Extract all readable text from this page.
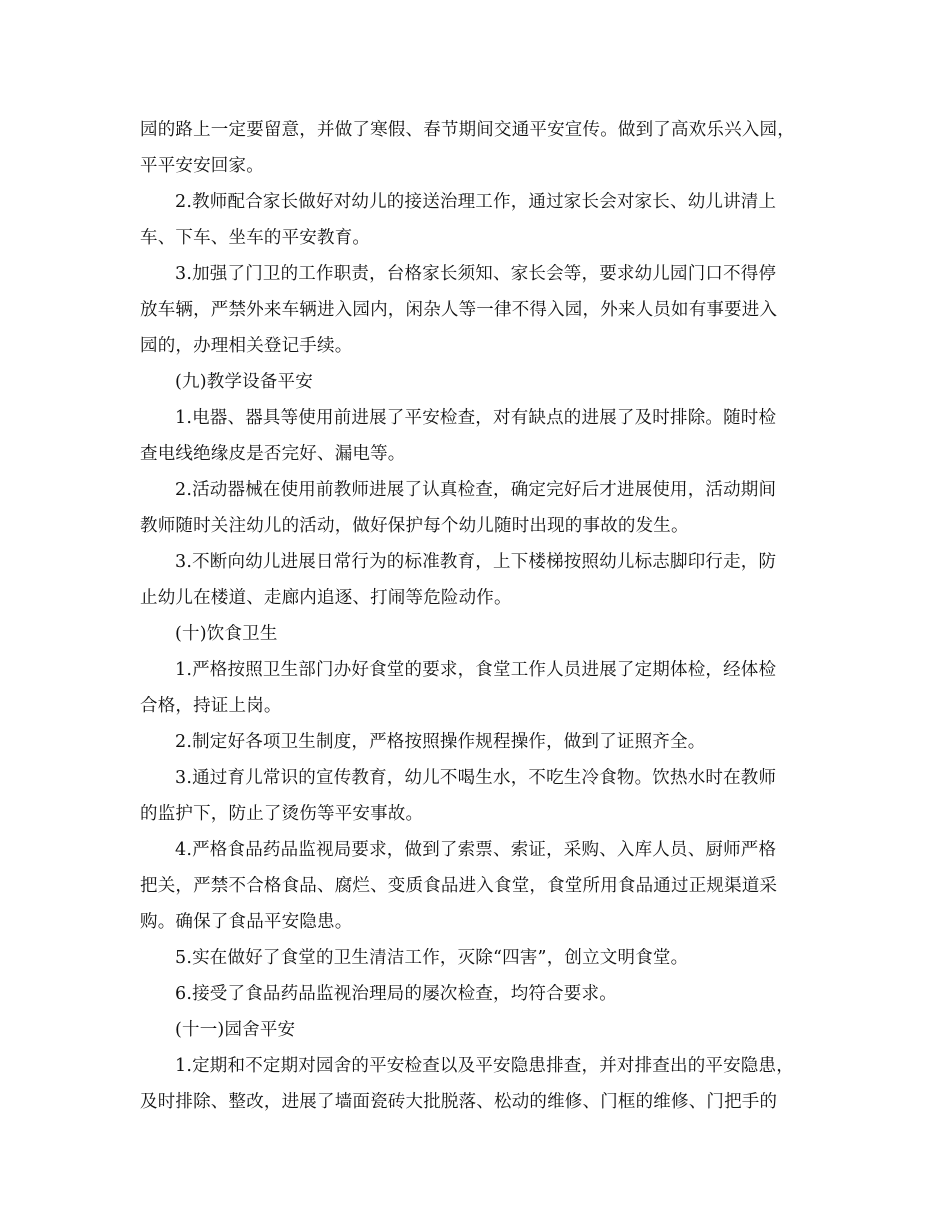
园的路上一定要留意，并做了寒假、春节期间交通平安宣传。做到了高欢乐兴入园，
平平安安回家。
2.教师配合家长做好对幼儿的接送治理工作，通过家长会对家长、幼儿讲清上
车、下车、坐车的平安教育。
3.加强了门卫的工作职责，台格家长须知、家长会等，要求幼儿园门口不得停
放车辆，严禁外来车辆进入园内，闲杂人等一律不得入园，外来人员如有事要进入
园的，办理相关登记手续。
(九)教学设备平安
1.电器、器具等使用前进展了平安检查，对有缺点的进展了及时排除。随时检
查电线绝缘皮是否完好、漏电等。
2.活动器械在使用前教师进展了认真检查，确定完好后才进展使用，活动期间
教师随时关注幼儿的活动，做好保护每个幼儿随时出现的事故的发生。
3.不断向幼儿进展日常行为的标准教育，上下楼梯按照幼儿标志脚印行走，防
止幼儿在楼道、走廊内追逐、打闹等危险动作。
(十)饮食卫生
1.严格按照卫生部门办好食堂的要求，食堂工作人员进展了定期体检，经体检
合格，持证上岗。
2.制定好各项卫生制度，严格按照操作规程操作，做到了证照齐全。
3.通过育儿常识的宣传教育，幼儿不喝生水，不吃生冷食物。饮热水时在教师
的监护下，防止了烫伤等平安事故。
4.严格食品药品监视局要求，做到了索票、索证，采购、入库人员、厨师严格
把关，严禁不合格食品、腐烂、变质食品进入食堂，食堂所用食品通过正规渠道采
购。确保了食品平安隐患。
5.实在做好了食堂的卫生清洁工作，灭除“四害”，创立文明食堂。
6.接受了食品药品监视治理局的屡次检查，均符合要求。
(十一)园舍平安
1.定期和不定期对园舍的平安检查以及平安隐患排查，并对排查出的平安隐患，
及时排除、整改，进展了墙面瓷砖大批脱落、松动的维修、门框的维修、门把手的
